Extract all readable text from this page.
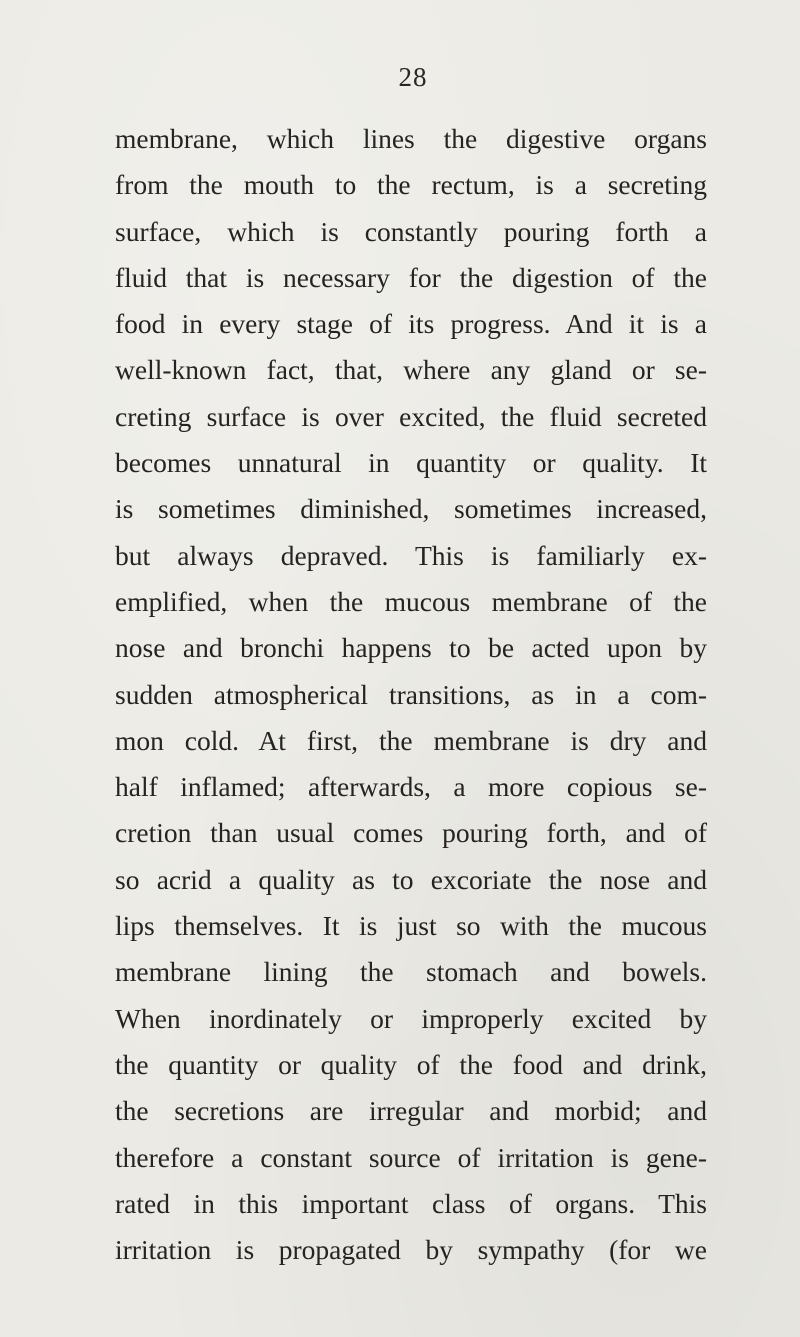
28
membrane, which lines the digestive organs
from the mouth to the rectum, is a secreting
surface, which is constantly pouring forth a
fluid that is necessary for the digestion of the
food in every stage of its progress. And it is a
well-known fact, that, where any gland or se-
creting surface is over excited, the fluid secreted
becomes unnatural in quantity or quality. It
is sometimes diminished, sometimes increased,
but always depraved. This is familiarly ex-
emplified, when the mucous membrane of the
nose and bronchi happens to be acted upon by
sudden atmospherical transitions, as in a com-
mon cold. At first, the membrane is dry and
half inflamed; afterwards, a more copious se-
cretion than usual comes pouring forth, and of
so acrid a quality as to excoriate the nose and
lips themselves. It is just so with the mucous
membrane lining the stomach and bowels.
When inordinately or improperly excited by
the quantity or quality of the food and drink,
the secretions are irregular and morbid; and
therefore a constant source of irritation is gene-
rated in this important class of organs. This
irritation is propagated by sympathy (for we
